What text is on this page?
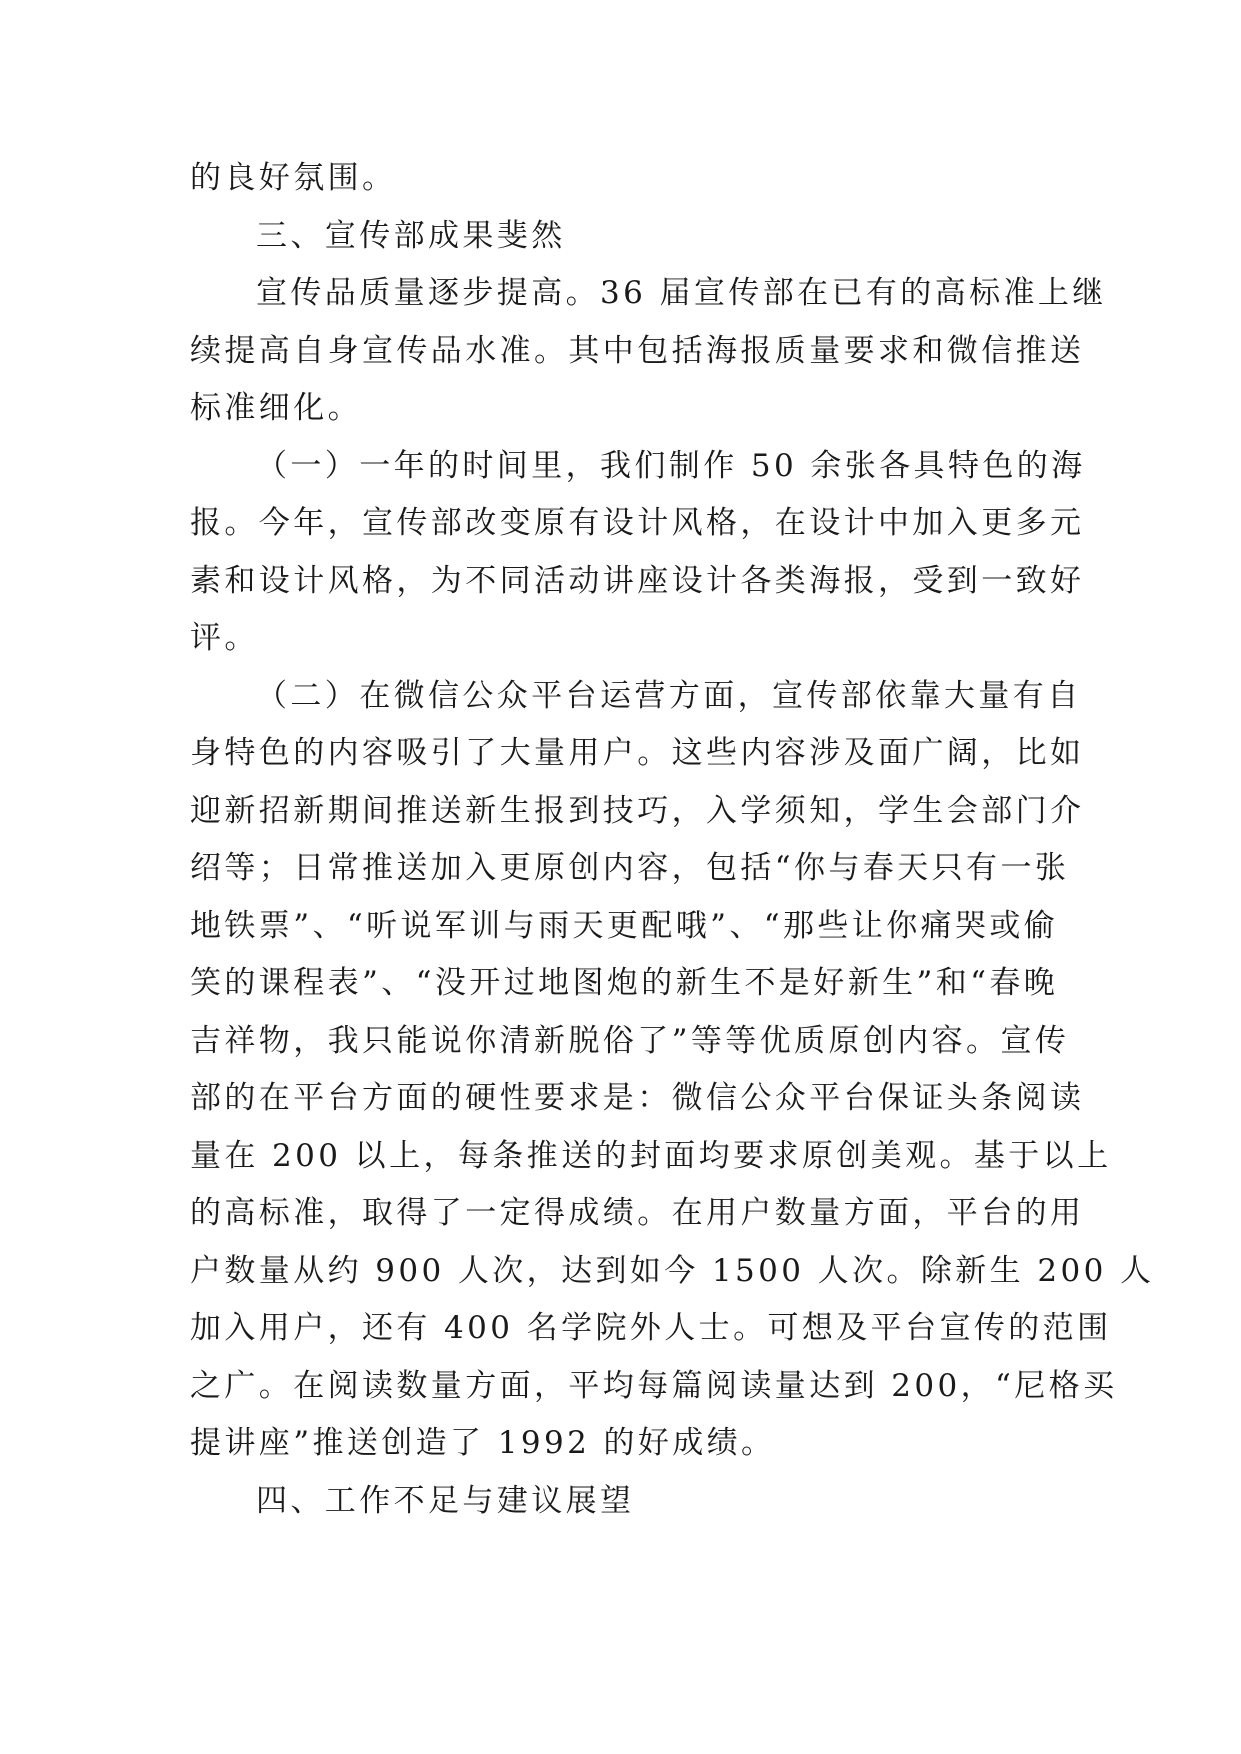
的良好氛围。
三、宣传部成果斐然
宣传品质量逐步提高。36 届宣传部在已有的高标准上继
续提高自身宣传品水准。其中包括海报质量要求和微信推送
标准细化。
（一）一年的时间里，我们制作 50 余张各具特色的海
报。今年，宣传部改变原有设计风格，在设计中加入更多元
素和设计风格，为不同活动讲座设计各类海报，受到一致好
评。
（二）在微信公众平台运营方面，宣传部依靠大量有自
身特色的内容吸引了大量用户。这些内容涉及面广阔，比如
迎新招新期间推送新生报到技巧，入学须知，学生会部门介
绍等；日常推送加入更原创内容，包括“你与春天只有一张
地铁票”、“听说军训与雨天更配哦”、“那些让你痛哭或偷
笑的课程表”、“没开过地图炮的新生不是好新生”和“春晚
吉祥物，我只能说你清新脱俗了”等等优质原创内容。宣传
部的在平台方面的硬性要求是：微信公众平台保证头条阅读
量在 200 以上，每条推送的封面均要求原创美观。基于以上
的高标准，取得了一定得成绩。在用户数量方面，平台的用
户数量从约 900 人次，达到如今 1500 人次。除新生 200 人
加入用户，还有 400 名学院外人士。可想及平台宣传的范围
之广。在阅读数量方面，平均每篇阅读量达到 200，“尼格买
提讲座”推送创造了 1992 的好成绩。
四、工作不足与建议展望
